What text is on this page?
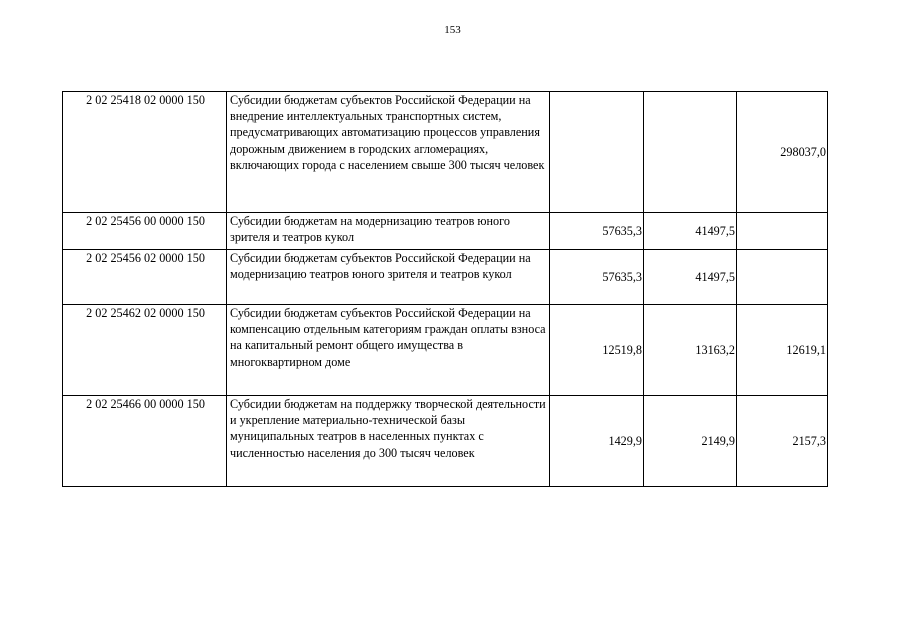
153
2 02 25418 02 0000 150	Субсидии бюджетам субъектов Российской Федерации на внедрение интеллектуальных транспортных систем, предусматривающих автоматизацию процессов управления дорожным движением в городских агломерациях, включающих города с населением свыше 300 тысяч человек			298037,0
2 02 25456 00 0000 150	Субсидии бюджетам на модернизацию театров юного зрителя и театров кукол	57635,3	41497,5	
2 02 25456 02 0000 150	Субсидии бюджетам субъектов Российской Федерации на модернизацию театров юного зрителя и театров кукол	57635,3	41497,5	
2 02 25462 02 0000 150	Субсидии бюджетам субъектов Российской Федерации на компенсацию отдельным категориям граждан оплаты взноса на капитальный ремонт общего имущества в многоквартирном доме	12519,8	13163,2	12619,1
2 02 25466 00 0000 150	Субсидии бюджетам на поддержку творческой деятельности и укрепление материально-технической базы муниципальных театров в населенных пунктах с численностью населения до 300 тысяч человек	1429,9	2149,9	2157,3
